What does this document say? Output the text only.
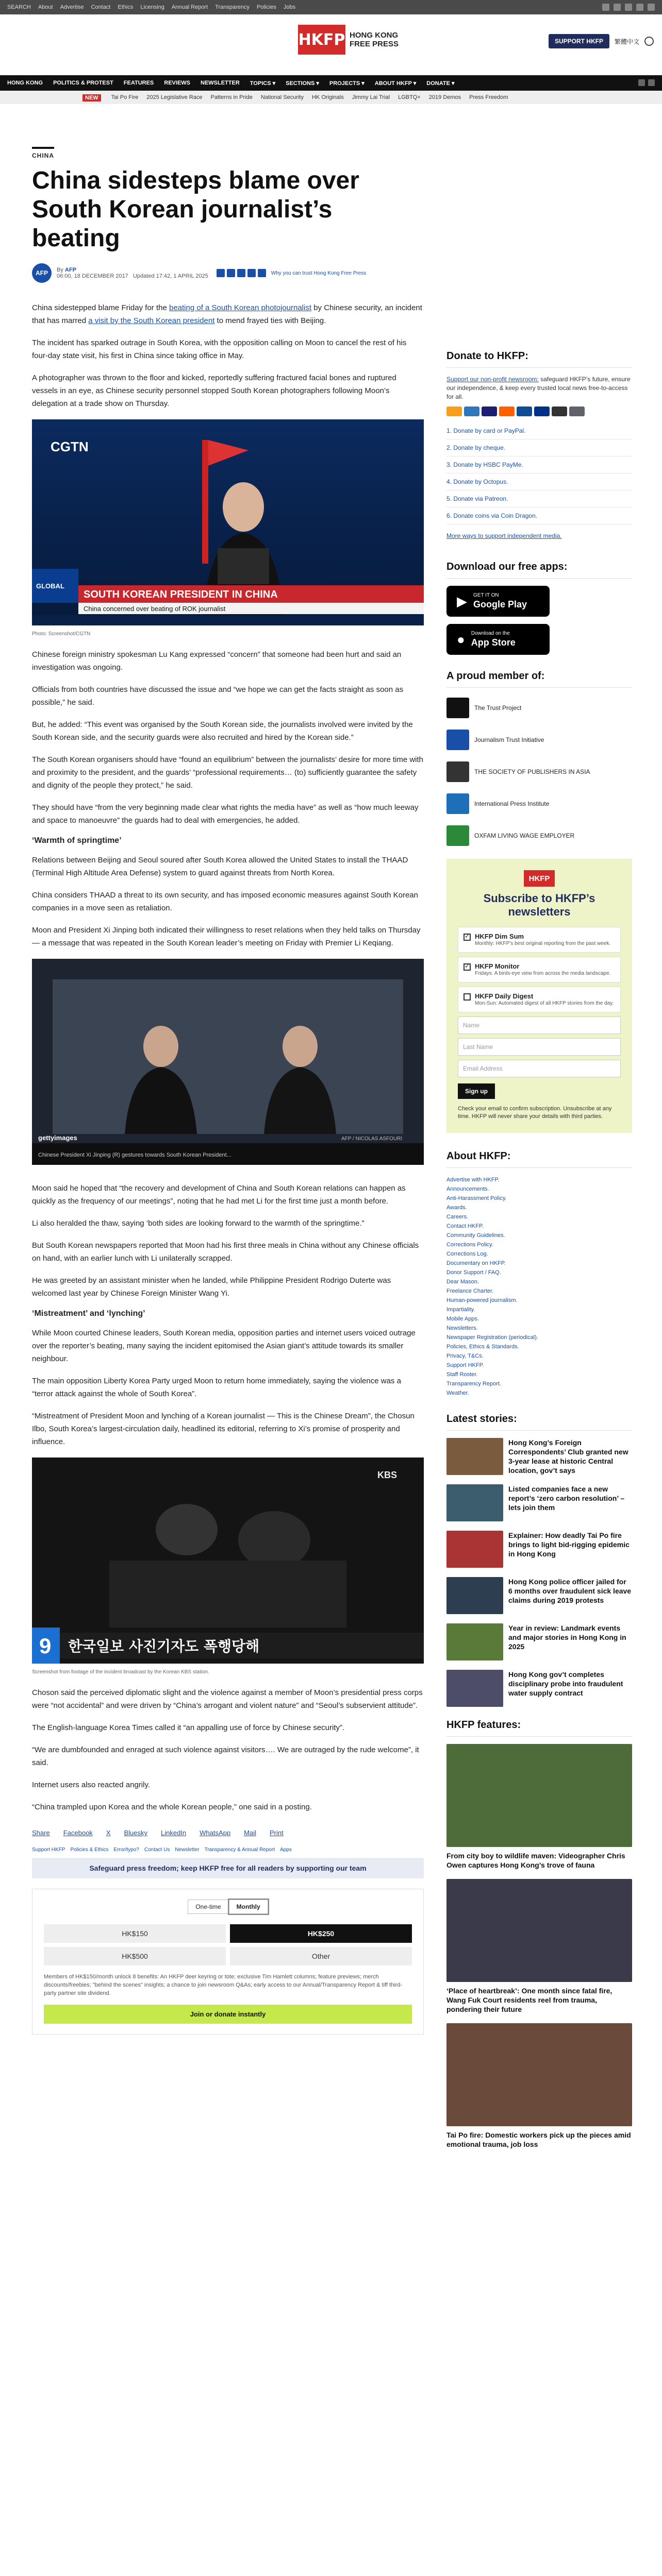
SEARCH About Advertise Contact Ethics Licensing Annual Report Transparency Policies Jobs
HKFP HONG KONG
FREE PRESS	SUPPORT HKFP	繁體中文
HONG KONG POLITICS & PROTEST FEATURES REVIEWS NEWSLETTER TOPICS ▾ SECTIONS ▾ PROJECTS ▾ ABOUT HKFP ▾ DONATE ▾
NEW	Tai Po Fire 2025 Legislative Race Patterns in Pride National Security HK Originals Jimmy Lai Trial LGBTQ+ 2019 Demos Press Freedom
CHINA
China sidesteps blame over South Korean journalist’s beating
AFP	By AFP
06:00, 18 DECEMBER 2017 Updated 17:42, 1 APRIL 2025	Why you can trust Hong Kong Free Press

China sidestepped blame Friday for the beating of a South Korean photojournalist by Chinese security, an incident that has marred a visit by the South Korean president to mend frayed ties with Beijing.

The incident has sparked outrage in South Korea, with the opposition calling on Moon to cancel the rest of his four-day state visit, his first in China since taking office in May.

A photographer was thrown to the floor and kicked, reportedly suffering fractured facial bones and ruptured vessels in an eye, as Chinese security personnel stopped South Korean photographers following Moon’s delegation at a trade show on Thursday.

CGTN
GLOBAL
SOUTH KOREAN PRESIDENT IN CHINA
China concerned over beating of ROK journalist
Photo: Screenshot/CGTN

Chinese foreign ministry spokesman Lu Kang expressed “concern” that someone had been hurt and said an investigation was ongoing.

Officials from both countries have discussed the issue and “we hope we can get the facts straight as soon as possible,” he said.

But, he added: “This event was organised by the South Korean side, the journalists involved were invited by the South Korean side, and the security guards were also recruited and hired by the Korean side.”

The South Korean organisers should have “found an equilibrium” between the journalists’ desire for more time with and proximity to the president, and the guards’ “professional requirements… (to) sufficiently guarantee the safety and dignity of the people they protect,” he said.

They should have “from the very beginning made clear what rights the media have” as well as “how much leeway and space to manoeuvre” the guards had to deal with emergencies, he added.

‘Warmth of springtime’

Relations between Beijing and Seoul soured after South Korea allowed the United States to install the THAAD (Terminal High Altitude Area Defense) system to guard against threats from North Korea.

China considers THAAD a threat to its own security, and has imposed economic measures against South Korean companies in a move seen as retaliation.

Moon and President Xi Jinping both indicated their willingness to reset relations when they held talks on Thursday — a message that was repeated in the South Korean leader’s meeting on Friday with Premier Li Keqiang.

Chinese President Xi Jinping (R) gestures towards South Korean President...
gettyimages	AFP / NICOLAS ASFOURI

Moon said he hoped that “the recovery and development of China and South Korean relations can happen as quickly as the frequency of our meetings”, noting that he had met Li for the first time just a month before.

Li also heralded the thaw, saying ‘both sides are looking forward to the warmth of the springtime.”

But South Korean newspapers reported that Moon had his first three meals in China without any Chinese officials on hand, with an earlier lunch with Li unilaterally scrapped.

He was greeted by an assistant minister when he landed, while Philippine President Rodrigo Duterte was welcomed last year by Chinese Foreign Minister Wang Yi.

‘Mistreatment’ and ‘lynching’

While Moon courted Chinese leaders, South Korean media, opposition parties and internet users voiced outrage over the reporter’s beating, many saying the incident epitomised the Asian giant’s attitude towards its smaller neighbour.

The main opposition Liberty Korea Party urged Moon to return home immediately, saying the violence was a “terror attack against the whole of South Korea”.

“Mistreatment of President Moon and lynching of a Korean journalist — This is the Chinese Dream”, the Chosun Ilbo, South Korea’s largest-circulation daily, headlined its editorial, referring to Xi’s promise of prosperity and influence.

KBS
9 한국일보 사진기자도 폭행당해
Screenshot from footage of the incident broadcast by the Korean KBS station.

Choson said the perceived diplomatic slight and the violence against a member of Moon’s presidential press corps were “not accidental” and were driven by “China’s arrogant and violent nature” and “Seoul’s subservient attitude”.

The English-language Korea Times called it “an appalling use of force by Chinese security”.

“We are dumbfounded and enraged at such violence against visitors…. We are outraged by the rude welcome”, it said.

Internet users also reacted angrily.

“China trampled upon Korea and the whole Korean people,” one said in a posting.

Share Facebook X Bluesky LinkedIn WhatsApp Mail Print
Support HKFP Policies & Ethics Error/typo? Contact Us Newsletter Transparency & Annual Report Apps
Safeguard press freedom; keep HKFP free for all readers by supporting our team
One-time	Monthly
HK$150	HK$250
HK$500	Other
Members of HK$150/month unlock 8 benefits: An HKFP deer keyring or tote; exclusive Tim Hamlett columns; feature previews; merch discounts/freebies; "behind the scenes" insights; a chance to join newsroom Q&As; early access to our Annual/Transparency Report & tiff third-party partner site dividend.
Join or donate instantly
Donate to HKFP:

Support our non-profit newsroom: safeguard HKFP’s future, ensure our independence, & keep every trusted local news free-to-access for all.

1. Donate by card or PayPal.
2. Donate by cheque.
3. Donate by HSBC PayMe.
4. Donate by Octopus.
5. Donate via Patreon.
6. Donate coins via Coin Dragon.

More ways to support independent media.

Download our free apps:
▶ GET IT ON
Google Play
● Download on the
App Store
A proud member of:
The Trust Project
Journalism Trust Initiative
THE SOCIETY OF PUBLISHERS IN ASIA
International Press Institute
OXFAM LIVING WAGE EMPLOYER
HKFP
Subscribe to HKFP’s newsletters
✓
HKFP Dim Sum
Monthly: HKFP’s best original reporting from the past week.
✓
HKFP Monitor
Fridays: A birds-eye view from across the media landscape.
HKFP Daily Digest
Mon-Sun: Automated digest of all HKFP stories from the day.
Name
Last Name
Email Address
Sign up
Check your email to confirm subscription. Unsubscribe at any time. HKFP will never share your details with third parties.
About HKFP:
Advertise with HKFP.
Announcements.
Anti-Harassment Policy.
Awards.
Careers.
Contact HKFP.
Community Guidelines.
Corrections Policy.
Corrections Log.
Documentary on HKFP.
Donor Support / FAQ.
Dear Mason.
Freelance Charter.
Human-powered journalism.
Impartiality.
Mobile Apps.
Newsletters.
Newspaper Registration (periodical).
Policies, Ethics & Standards.
Privacy, T&Cs.
Support HKFP.
Staff Roster.
Transparency Report.
Weather.
Latest stories:
Hong Kong’s Foreign Correspondents’ Club granted new 3-year lease at historic Central location, gov’t says
Listed companies face a new report’s ‘zero carbon resolution’ – lets join them
Explainer: How deadly Tai Po fire brings to light bid-rigging epidemic in Hong Kong
Hong Kong police officer jailed for 6 months over fraudulent sick leave claims during 2019 protests
Year in review: Landmark events and major stories in Hong Kong in 2025
Hong Kong gov’t completes disciplinary probe into fraudulent water supply contract
HKFP features:
From city boy to wildlife maven: Videographer Chris Owen captures Hong Kong’s trove of fauna
‘Place of heartbreak’: One month since fatal fire, Wang Fuk Court residents reel from trauma, pondering their future
Tai Po fire: Domestic workers pick up the pieces amid emotional trauma, job loss
